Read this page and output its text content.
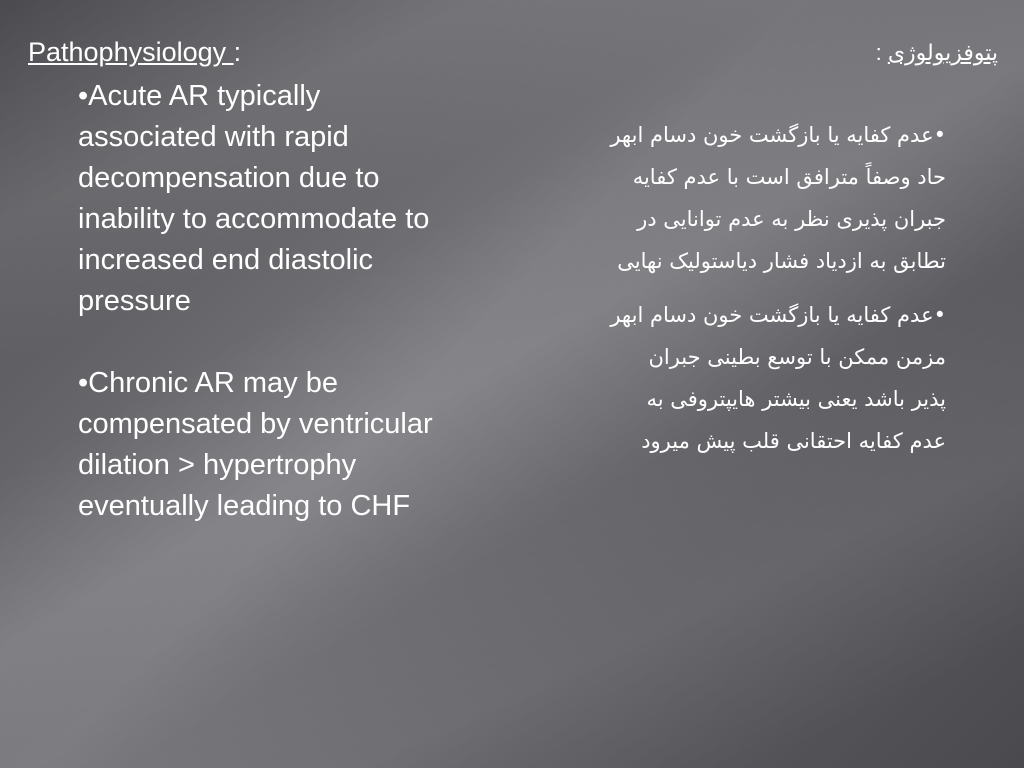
Pathophysiology :
•Acute AR typically
associated with rapid
decompensation due to
inability to accommodate to
increased end diastolic
pressure
•Chronic AR may be
compensated by ventricular
dilation > hypertrophy
eventually leading to CHF
پتوفزیولوژی :
•عدم کفایه یا بازگشت خون دسام ابهر
حاد وصفاً مترافق است با عدم کفایه
جبران پذیری نظر به عدم توانایی در
تطابق به ازدیاد فشار دیاستولیک نهایی
•عدم کفایه یا بازگشت خون دسام ابهر
مزمن ممکن با توسع بطینی جبران
پذیر باشد یعنی بیشتر هایپتروفی به
عدم کفایه احتقانی قلب پیش میرود
